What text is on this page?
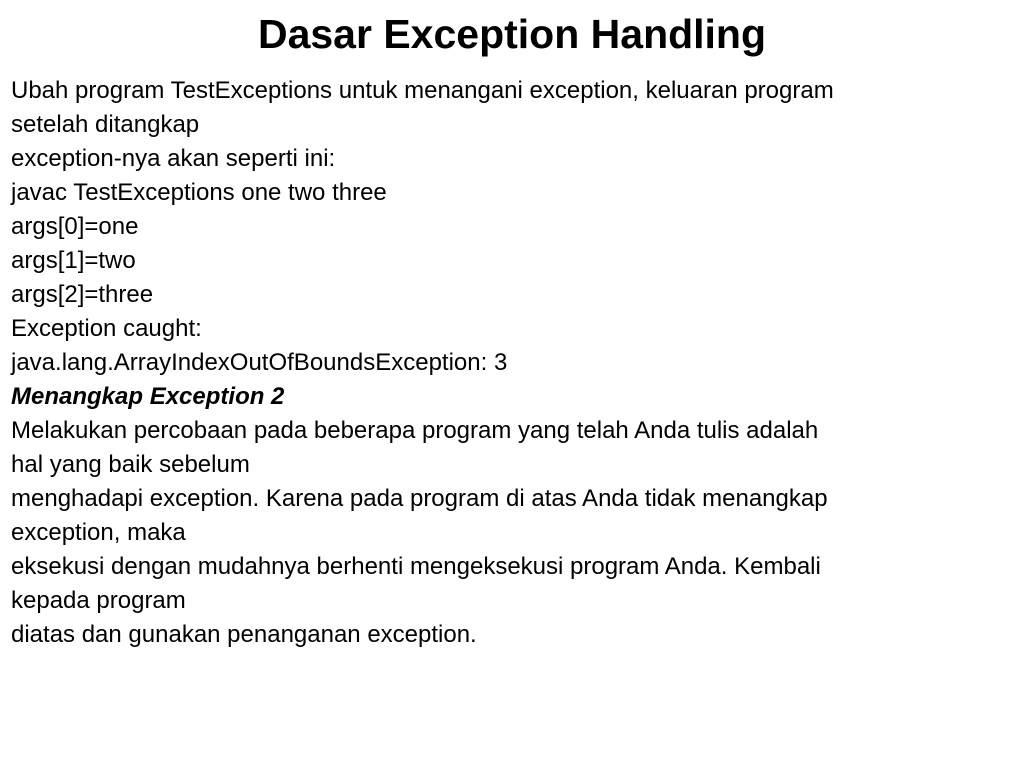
Dasar Exception Handling
Ubah program TestExceptions untuk menangani exception, keluaran program
setelah ditangkap
exception-nya akan seperti ini:
javac TestExceptions one two three
args[0]=one
args[1]=two
args[2]=three
Exception caught:
java.lang.ArrayIndexOutOfBoundsException: 3
Menangkap Exception 2
Melakukan percobaan pada beberapa program yang telah Anda tulis adalah
hal yang baik sebelum
menghadapi exception. Karena pada program di atas Anda tidak menangkap
exception, maka
eksekusi dengan mudahnya berhenti mengeksekusi program Anda. Kembali
kepada program
diatas dan gunakan penanganan exception.
